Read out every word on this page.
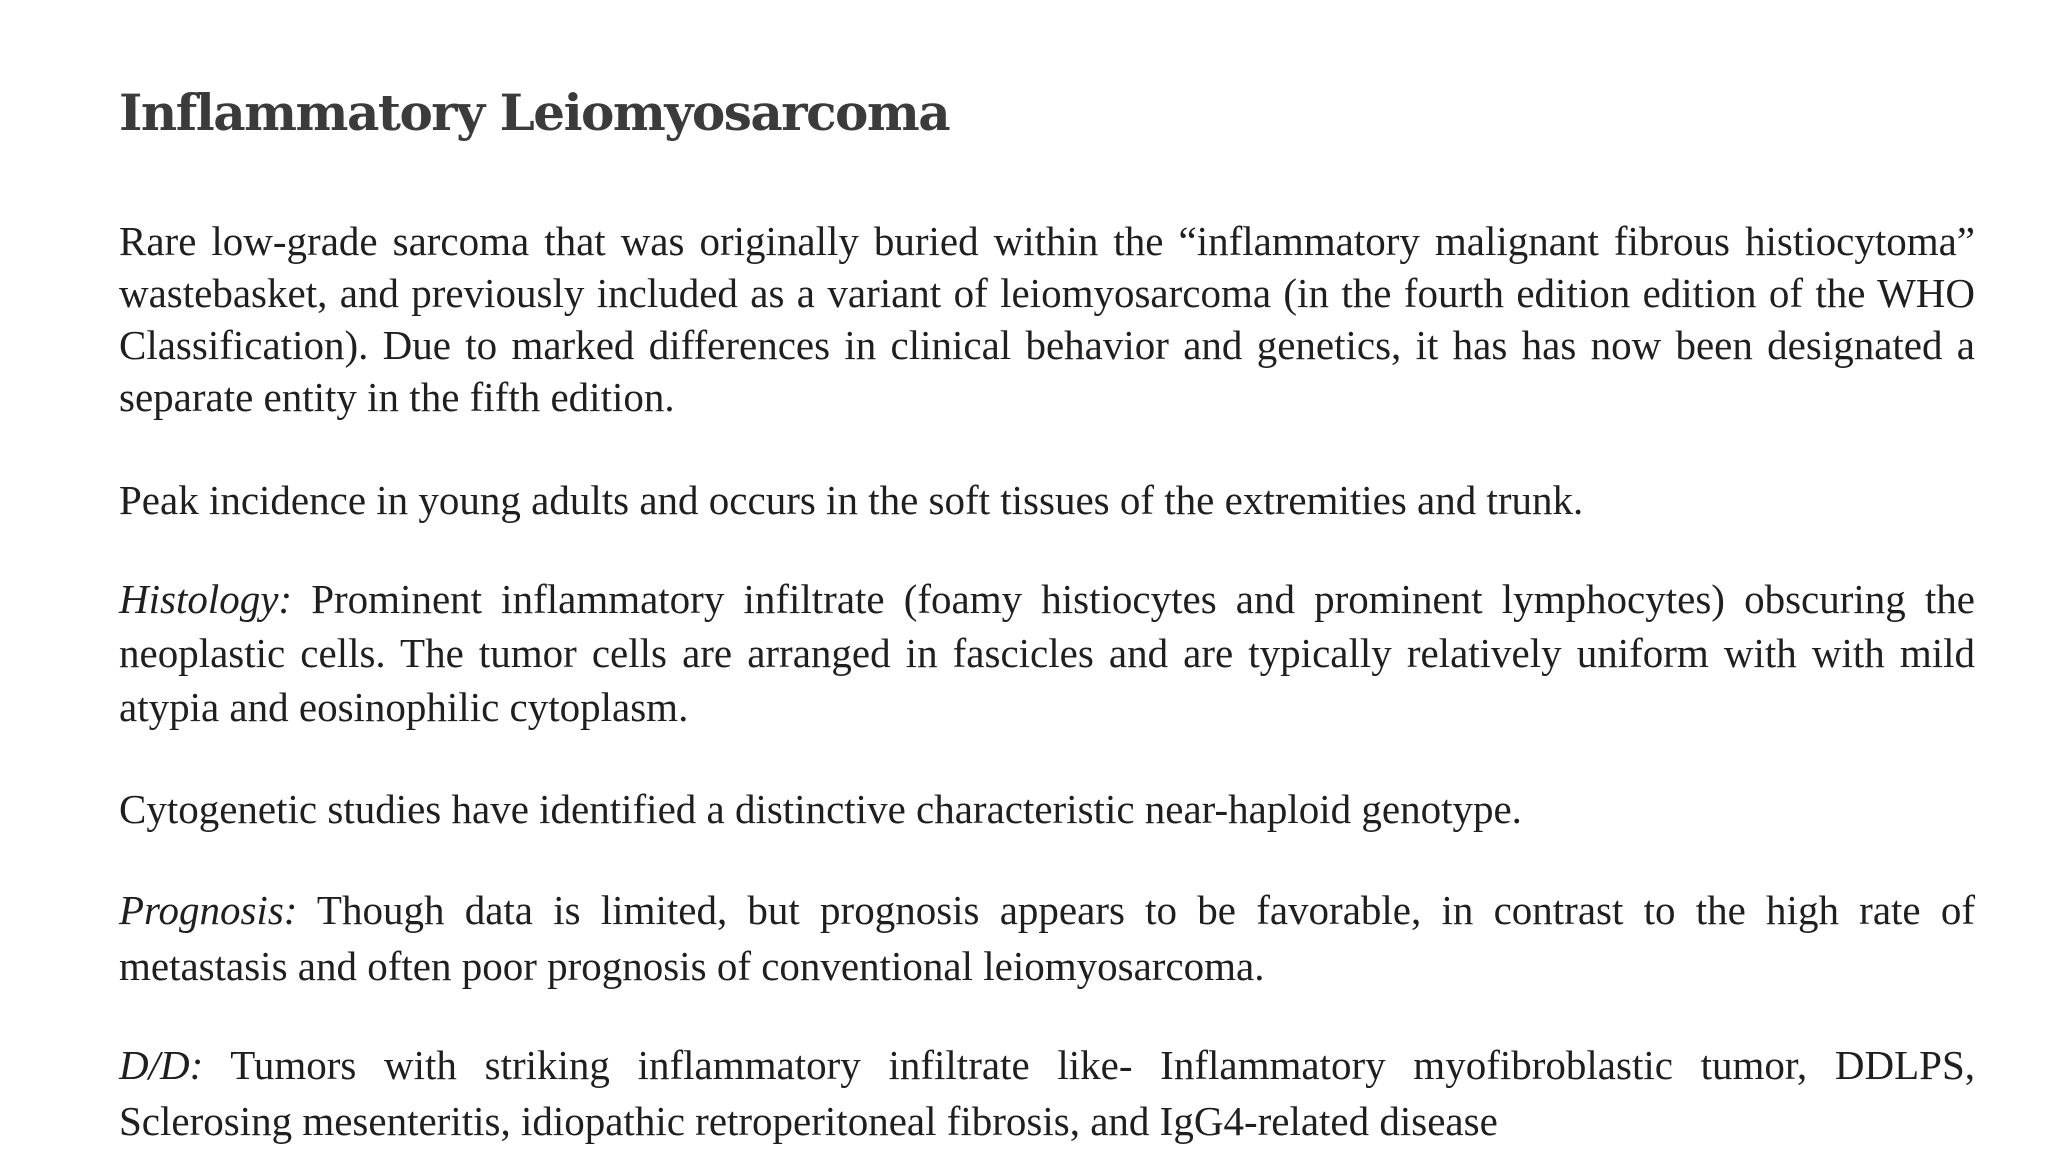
Inflammatory Leiomyosarcoma

Rare low-grade sarcoma that was originally buried within the “inflammatory malignant fibrous histiocytoma” wastebasket, and previously included as a variant of leiomyosarcoma (in the fourth edition edition of the WHO Classification). Due to marked differences in clinical behavior and genetics, it has has now been designated a separate entity in the fifth edition.

Peak incidence in young adults and occurs in the soft tissues of the extremities and trunk.

Histology: Prominent inflammatory infiltrate (foamy histiocytes and prominent lymphocytes) obscuring the neoplastic cells. The tumor cells are arranged in fascicles and are typically relatively uniform with with mild atypia and eosinophilic cytoplasm.

Cytogenetic studies have identified a distinctive characteristic near-haploid genotype.

Prognosis: Though data is limited, but prognosis appears to be favorable, in contrast to the high rate of metastasis and often poor prognosis of conventional leiomyosarcoma.

D/D: Tumors with striking inflammatory infiltrate like- Inflammatory myofibroblastic tumor, DDLPS, Sclerosing mesenteritis, idiopathic retroperitoneal fibrosis, and IgG4-related disease
